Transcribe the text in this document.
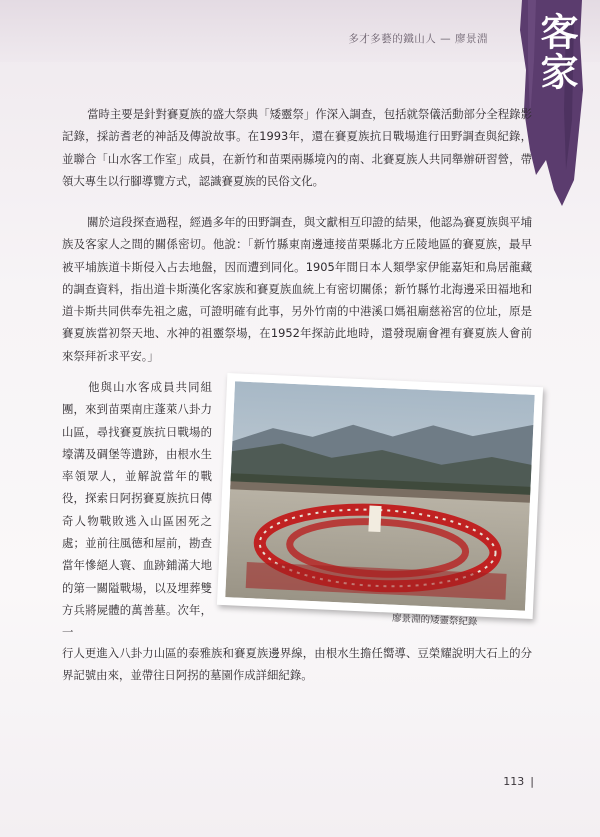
多才多藝的鐵山人 — 廖景淵 客家

當時主要是針對賽夏族的盛大祭典「矮靈祭」作深入調查，包括就祭儀活動部分全程錄影記錄，採訪耆老的神話及傳說故事。在1993年，還在賽夏族抗日戰場進行田野調查與紀錄，並聯合「山水客工作室」成員，在新竹和苗栗兩縣境內的南、北賽夏族人共同舉辦研習營，帶領大專生以行腳導覽方式，認識賽夏族的民俗文化。

關於這段探查過程，經過多年的田野調查，與文獻相互印證的結果，他認為賽夏族與平埔族及客家人之間的關係密切。他說：「新竹縣東南邊連接苗栗縣北方丘陵地區的賽夏族，最早被平埔族道卡斯侵入占去地盤，因而遭到同化。1905年間日本人類學家伊能嘉矩和鳥居龍藏的調查資料，指出道卡斯漢化客家族和賽夏族血統上有密切關係；新竹縣竹北海邊采田福地和道卡斯共同供奉先祖之處，可證明確有此事，另外竹南的中港溪口媽祖廟慈裕宮的位址，原是賽夏族當初祭天地、水神的祖靈祭場，在1952年探訪此地時，還發現廟會裡有賽夏族人會前來祭拜祈求平安。」

他與山水客成員共同組團，來到苗栗南庄蓬萊八卦力山區，尋找賽夏族抗日戰場的壕溝及碉堡等遺跡，由根水生率領眾人，並解說當年的戰役，探索日阿拐賽夏族抗日傳奇人物戰敗逃入山區困死之處；並前往風德和屋前，勘查當年慘絕人寰、血跡鋪滿大地的第一關隘戰場，以及埋葬雙方兵將屍體的萬善墓。次年，一
行人更進入八卦力山區的泰雅族和賽夏族邊界線，由根水生擔任嚮導、豆榮耀說明大石上的分界記號由來，並帶往日阿拐的墓園作成詳細紀錄。
廖景淵的矮靈祭紀錄
113 |
